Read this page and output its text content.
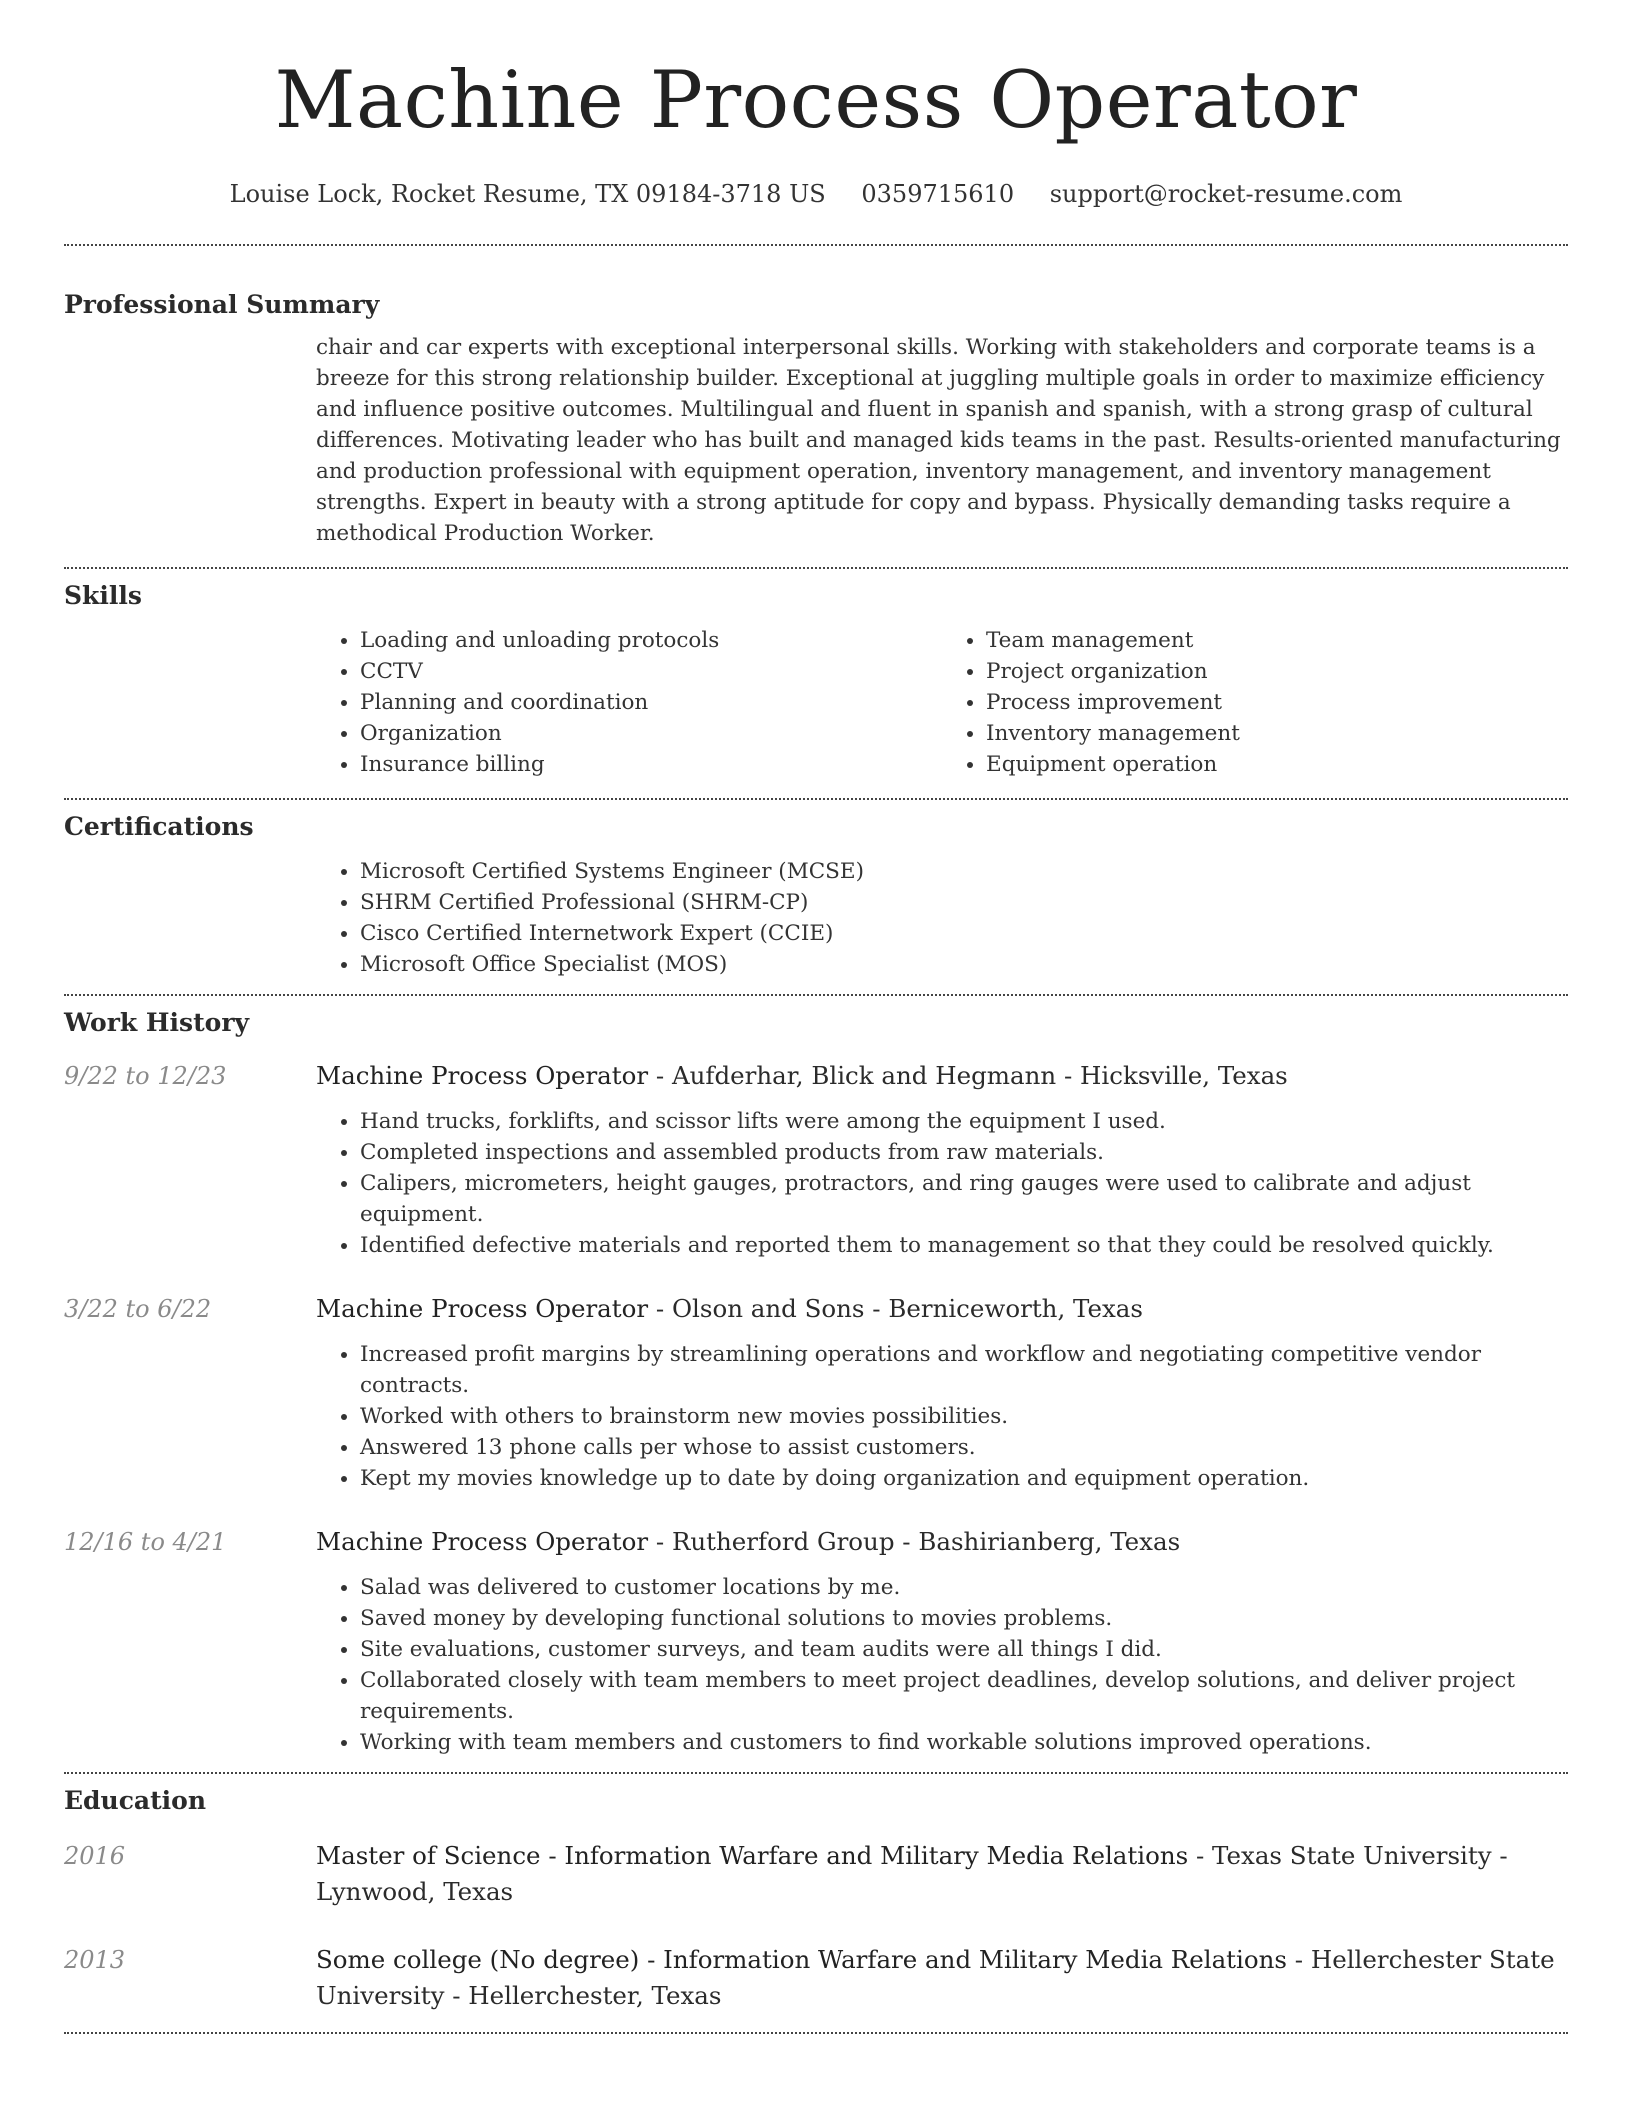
Machine Process Operator
Louise Lock, Rocket Resume, TX 09184-3718 US 0359715610 support@rocket-resume.com
Professional Summary

chair and car experts with exceptional interpersonal skills. Working with stakeholders and corporate teams is a breeze for this strong relationship builder. Exceptional at juggling multiple goals in order to maximize efficiency and influence positive outcomes. Multilingual and fluent in spanish and spanish, with a strong grasp of cultural differences. Motivating leader who has built and managed kids teams in the past. Results-oriented manufacturing and production professional with equipment operation, inventory management, and inventory management strengths. Expert in beauty with a strong aptitude for copy and bypass. Physically demanding tasks require a methodical Production Worker.

Skills
• Loading and unloading protocols
• CCTV
• Planning and coordination
• Organization
• Insurance billing
• Team management
• Project organization
• Process improvement
• Inventory management
• Equipment operation
Certifications
• Microsoft Certified Systems Engineer (MCSE)
• SHRM Certified Professional (SHRM-CP)
• Cisco Certified Internetwork Expert (CCIE)
• Microsoft Office Specialist (MOS)
Work History
9/22 to 12/23	Machine Process Operator - Aufderhar, Blick and Hegmann - Hicksville, Texas

• Hand trucks, forklifts, and scissor lifts were among the equipment I used.
• Completed inspections and assembled products from raw materials.
• Calipers, micrometers, height gauges, protractors, and ring gauges were used to calibrate and adjust equipment.
• Identified defective materials and reported them to management so that they could be resolved quickly.
3/22 to 6/22	Machine Process Operator - Olson and Sons - Berniceworth, Texas

• Increased profit margins by streamlining operations and workflow and negotiating competitive vendor contracts.
• Worked with others to brainstorm new movies possibilities.
• Answered 13 phone calls per whose to assist customers.
• Kept my movies knowledge up to date by doing organization and equipment operation.
12/16 to 4/21	Machine Process Operator - Rutherford Group - Bashirianberg, Texas

• Salad was delivered to customer locations by me.
• Saved money by developing functional solutions to movies problems.
• Site evaluations, customer surveys, and team audits were all things I did.
• Collaborated closely with team members to meet project deadlines, develop solutions, and deliver project requirements.
• Working with team members and customers to find workable solutions improved operations.
Education
2016	Master of Science - Information Warfare and Military Media Relations - Texas State University - Lynwood, Texas

2013	Some college (No degree) - Information Warfare and Military Media Relations - Hellerchester State University - Hellerchester, Texas
